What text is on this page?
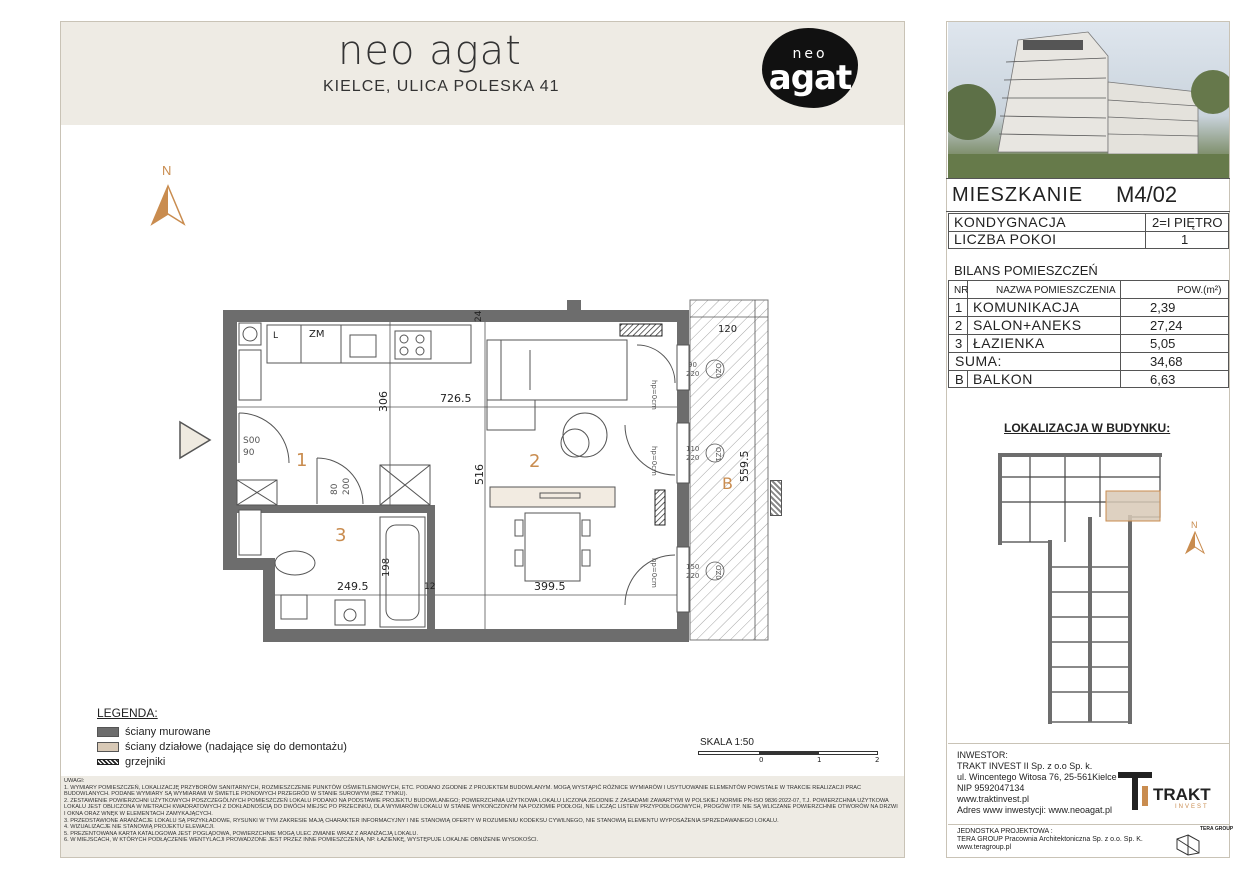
neo agat
KIELCE, ULICA POLESKA 41
neo
agat
N
L	ZM
1	2
3
B
726.5
306
516
249.5	399.5
559.5
120
24
198
12
S00
90
80 200
90
220
hp=0cm
OZ0
110
220
hp=0cm	OZ1
150
220
hp=0cm	OZ0
LEGENDA:
ściany murowane
ściany działowe (nadające się do demontażu)
grzejniki
SKALA 1:50
0	1	2
UWAGI:
1. WYMIARY POMIESZCZEŃ, LOKALIZACJĘ PRZYBORÓW SANITARNYCH, ROZMIESZCZENIE PUNKTÓW OŚWIETLENIOWYCH, ETC. PODANO ZGODNIE Z PROJEKTEM BUDOWLANYM. MOGĄ WYSTĄPIĆ RÓŻNICE WYMIARÓW I USYTUOWANIE ELEMENTÓW POWSTAŁE W TRAKCIE REALIZACJI PRAC BUDOWLANYCH. PODANE WYMIARY SĄ WYMIARAMI W ŚWIETLE PIONOWYCH PRZEGRÓD W STANIE SUROWYM (BEZ TYNKU).
2. ZESTAWIENIE POWIERZCHNI UŻYTKOWYCH POSZCZEGÓLNYCH POMIESZCZEŃ LOKALU PODANO NA PODSTAWIE PROJEKTU BUDOWLANEGO; POWIERZCHNIA UŻYTKOWA LOKALU LICZONA ZGODNIE Z ZASADAMI ZAWARTYMI W POLSKIEJ NORMIE PN-ISO 9836:2022-07, T.J. POWIERZCHNIA UŻYTKOWA LOKALU JEST OBLICZONA W METRACH KWADRATOWYCH Z DOKŁADNOŚCIĄ DO DWÓCH MIEJSC PO PRZECINKU, DLA WYMIARÓW LOKALU W STANIE WYKOŃCZONYM NA POZIOMIE PODŁOGI, NIE LICZĄC LISTEW PRZYPODŁOGOWYCH, PROGÓW ITP. NIE SĄ WLICZANE POWIERZCHNIE OTWORÓW NA DRZWI I OKNA ORAZ WNĘK W ELEMENTACH ZAMYKAJĄCYCH.
3. PRZEDSTAWIONE ARANŻACJE LOKALU SĄ PRZYKŁADOWE, RYSUNKI W TYM ZAKRESIE MAJĄ CHARAKTER INFORMACYJNY I NIE STANOWIĄ OFERTY W ROZUMIENIU KODEKSU CYWILNEGO, NIE STANOWIĄ ELEMENTU WYPOSAŻENIA SPRZEDAWANEGO LOKALU.
4. WIZUALIZACJE NIE STANOWIĄ PROJEKTU ELEWACJI.
5. PREZENTOWANA KARTA KATALOGOWA JEST POGLĄDOWA, POWIERZCHNIE MOGĄ ULEC ZMIANIE WRAZ Z ARANŻACJĄ LOKALU.
6. W MIEJSCACH, W KTÓRYCH PODŁĄCZENIE WENTYLACJI PROWADZONE JEST PRZEZ INNE POMIESZCZENIA, NP. ŁAZIENKĘ, WYSTĘPUJE LOKALNE OBNIŻENIE WYSOKOŚCI.
MIESZKANIE M4/02
KONDYGNACJA	2=I PIĘTRO
LICZBA POKOI	1
BILANS POMIESZCZEŃ
NR	NAZWA POMIESZCZENIA	POW.(m²)
1 KOMUNIKACJA	2,39
2 SALON+ANEKS	27,24
3 ŁAZIENKA	5,05
SUMA:	34,68
B BALKON	6,63
LOKALIZACJA W BUDYNKU:
N
INWESTOR:
TRAKT INVEST II Sp. z o.o Sp. k.
ul. Wincentego Witosa 76, 25-561Kielce
NIP 9592047134
www.traktinvest.pl
Adres www inwestycji: www.neoagat.pl
TRAKT
INVEST
JEDNOSTKA PROJEKTOWA :
TERA GROUP Pracownia Architektoniczna Sp. z o.o. Sp. K.
www.teragroup.pl
TERA GROUP
